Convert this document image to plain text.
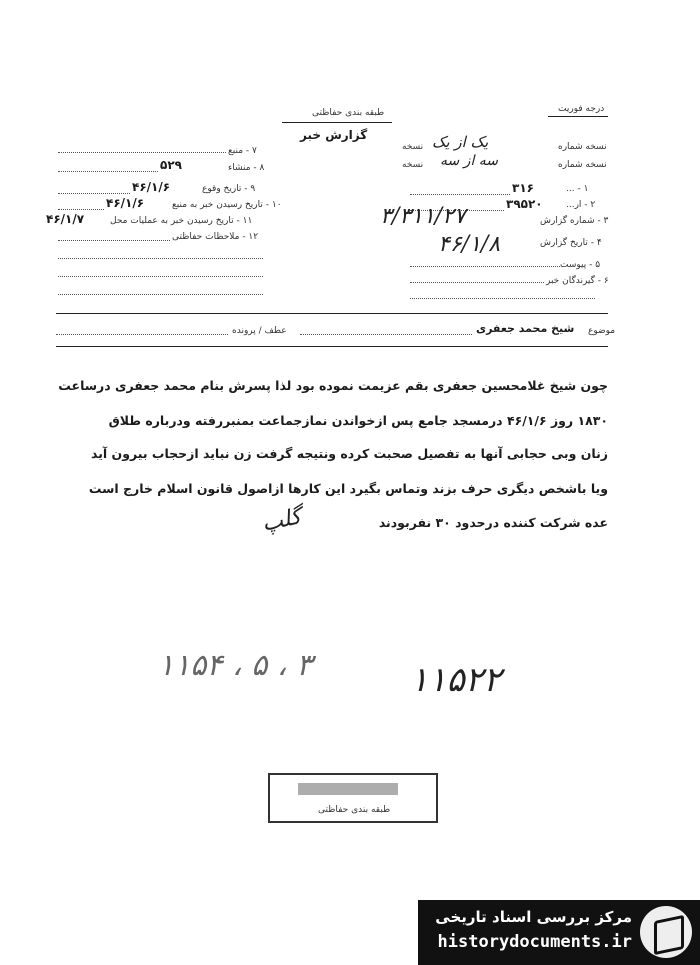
طبقه بندی حفاظتی	درجه فوریت
گزارش خبر
نسخه شماره
نسخه یک از یک
نسخه شماره
نسخه سه از سه
۱ - ...
۳۱۶
۲ - ار...
۳۹۵۲۰
۳ - شماره گزارش
۳/۳۱۱/۲۷
۴ - تاریخ گزارش
۴۶/۱/۸
۵ - پیوست
۶ - گیرندگان خبر
۷ - منبع
۸ - منشاء
۵۲۹
۹ - تاریخ وقوع
۴۶/۱/۶
۱۰ - تاریخ رسیدن خبر به منبع
۴۶/۱/۶
۱۱ - تاریخ رسیدن خبر به عملیات محل
۴۶/۱/۷
۱۲ - ملاحظات حفاظتی
موضوع
شیخ محمد جعفری
عطف / پرونده
چون شیخ غلامحسین جعفری بقم عزیمت نموده بود لذا پسرش بنام محمد جعفری درساعت
۱۸۳۰ روز ۴۶/۱/۶ درمسجد جامع پس ازخواندن نمازجماعت بمنبررفته ودرباره طلاق
زنان وبی حجابی آنها به تفصیل صحبت کرده ونتیجه گرفت زن نباید ازحجاب بیرون آید
ویا باشخص دیگری حرف بزند وتماس بگیرد این کارها ازاصول قانون اسلام خارج است
عده شرکت کننده درحدود ۳۰ نفربودند
گلپ
۱۱۵۴ ، ۵ ، ۳	۱۱۵۲۲
طبقه بندی حفاظتی
مرکز بررسی اسناد تاریخی
historydocuments.ir
